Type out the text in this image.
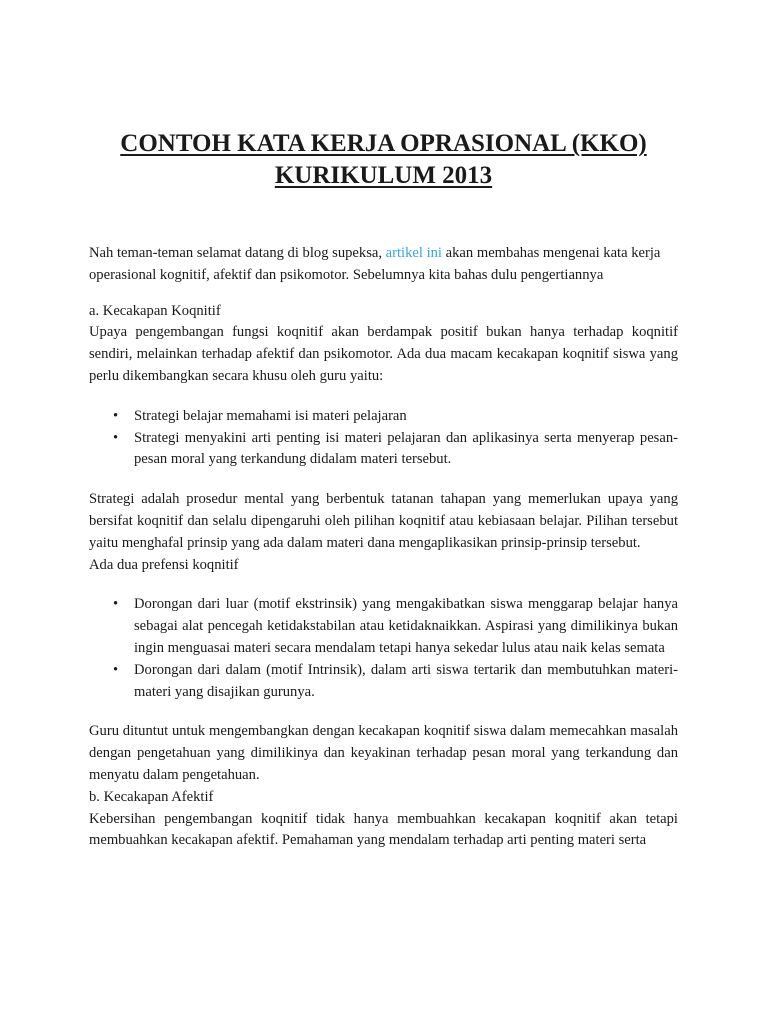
CONTOH KATA KERJA OPRASIONAL (KKO)
KURIKULUM 2013

Nah teman-teman selamat datang di blog supeksa, artikel ini akan membahas mengenai kata kerja operasional kognitif, afektif dan psikomotor. Sebelumnya kita bahas dulu pengertiannya

a. Kecakapan Koqnitif

Upaya pengembangan fungsi koqnitif akan berdampak positif bukan hanya terhadap koqnitif sendiri, melainkan terhadap afektif dan psikomotor. Ada dua macam kecakapan koqnitif siswa yang perlu dikembangkan secara khusu oleh guru yaitu:

• Strategi belajar memahami isi materi pelajaran
• Strategi menyakini arti penting isi materi pelajaran dan aplikasinya serta menyerap pesan-pesan moral yang terkandung didalam materi tersebut.

Strategi adalah prosedur mental yang berbentuk tatanan tahapan yang memerlukan upaya yang bersifat koqnitif dan selalu dipengaruhi oleh pilihan koqnitif atau kebiasaan belajar. Pilihan tersebut yaitu menghafal prinsip yang ada dalam materi dana mengaplikasikan prinsip-prinsip tersebut.

Ada dua prefensi koqnitif

• Dorongan dari luar (motif ekstrinsik) yang mengakibatkan siswa menggarap belajar hanya sebagai alat pencegah ketidakstabilan atau ketidaknaikkan. Aspirasi yang dimilikinya bukan ingin menguasai materi secara mendalam tetapi hanya sekedar lulus atau naik kelas semata
• Dorongan dari dalam (motif Intrinsik), dalam arti siswa tertarik dan membutuhkan materi-materi yang disajikan gurunya.

Guru dituntut untuk mengembangkan dengan kecakapan koqnitif siswa dalam memecahkan masalah dengan pengetahuan yang dimilikinya dan keyakinan terhadap pesan moral yang terkandung dan menyatu dalam pengetahuan.

b. Kecakapan Afektif

Kebersihan pengembangan koqnitif tidak hanya membuahkan kecakapan koqnitif akan tetapi membuahkan kecakapan afektif. Pemahaman yang mendalam terhadap arti penting materi serta
